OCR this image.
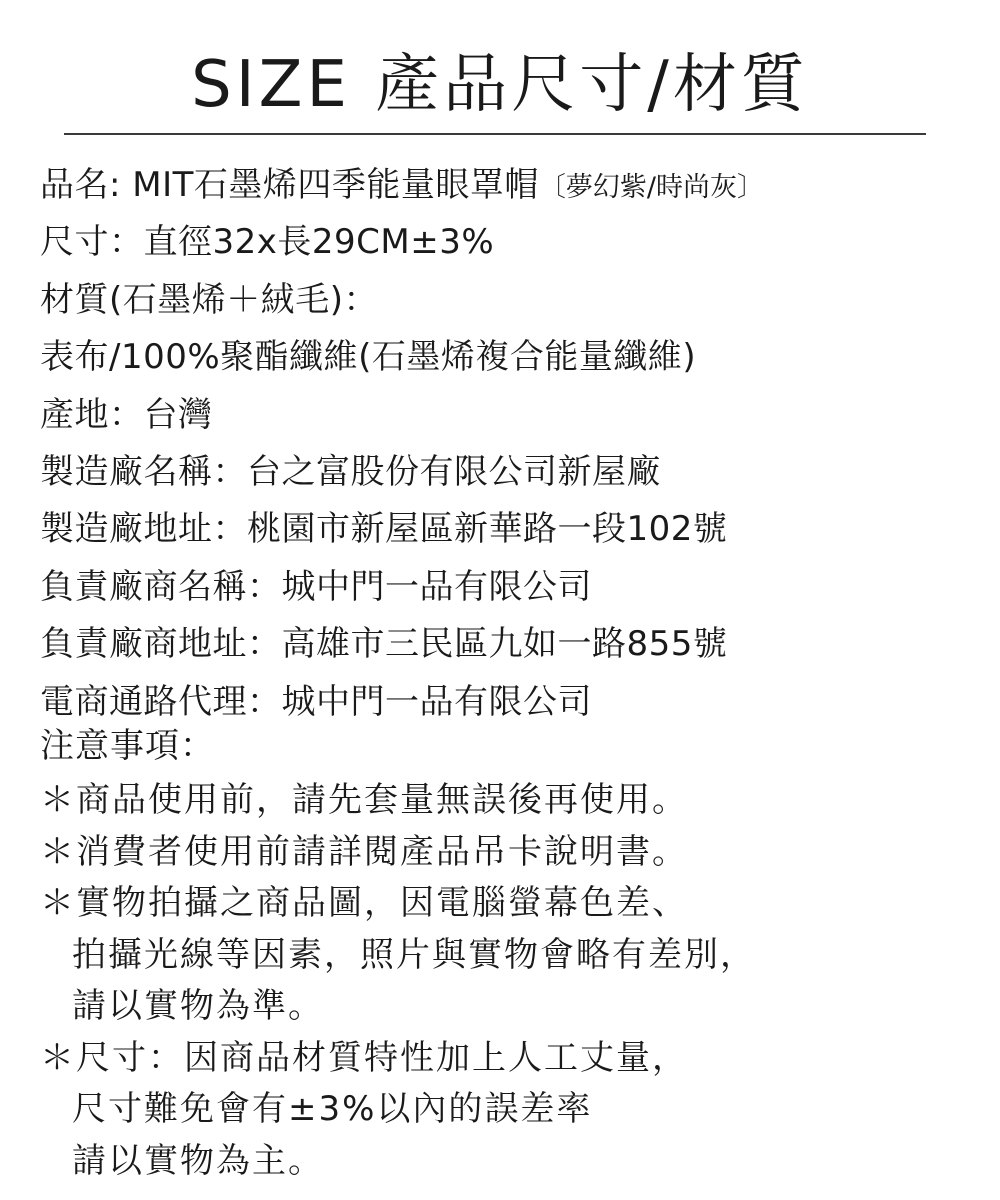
SIZE 產品尺寸/材質
品名: MIT石墨烯四季能量眼罩帽〔夢幻紫/時尚灰〕
尺寸：直徑32x長29CM±3%
材質(石墨烯＋絨毛)：
表布/100%聚酯纖維(石墨烯複合能量纖維)
產地：台灣
製造廠名稱：台之富股份有限公司新屋廠
製造廠地址：桃園市新屋區新華路一段102號
負責廠商名稱：城中門一品有限公司
負責廠商地址：高雄市三民區九如一路855號
電商通路代理：城中門一品有限公司
注意事項：
＊商品使用前，請先套量無誤後再使用。
＊消費者使用前請詳閱產品吊卡說明書。
＊實物拍攝之商品圖，因電腦螢幕色差、
拍攝光線等因素，照片與實物會略有差別，
請以實物為準。
＊尺寸：因商品材質特性加上人工丈量，
尺寸難免會有±3%以內的誤差率
請以實物為主。
